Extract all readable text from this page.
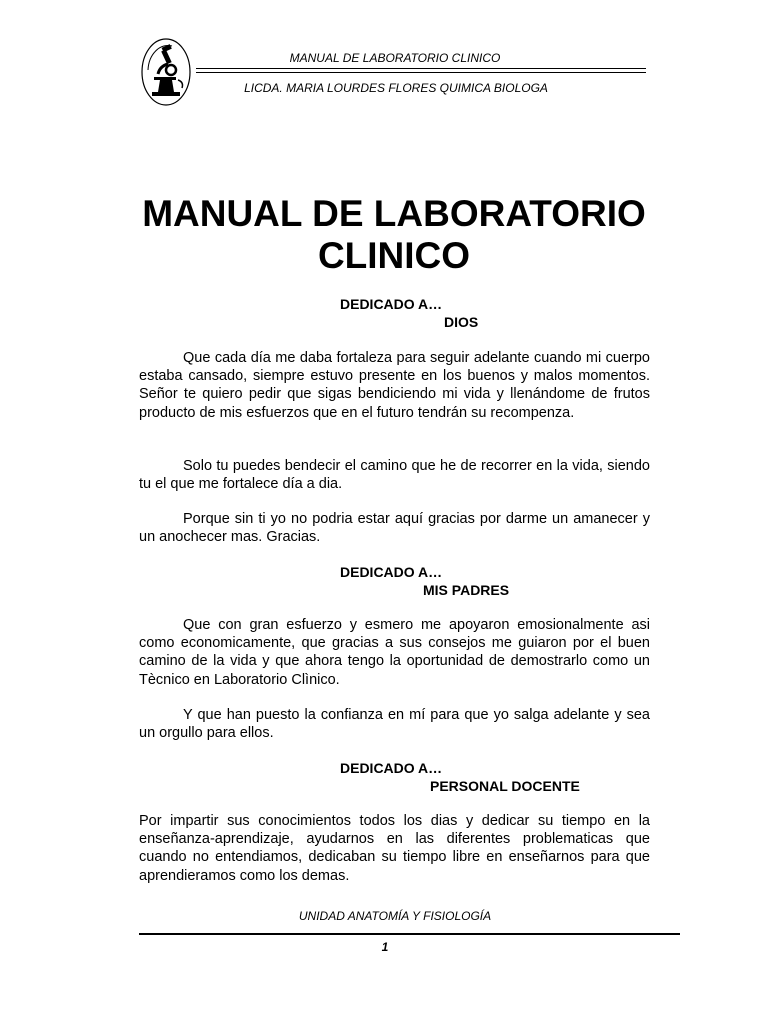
MANUAL DE LABORATORIO CLINICO
LICDA. MARIA LOURDES FLORES QUIMICA BIOLOGA
MANUAL DE LABORATORIO
CLINICO
DEDICADO A…
DIOS
Que cada día me daba fortaleza para seguir adelante cuando mi cuerpo estaba cansado, siempre estuvo presente en los buenos y malos momentos. Señor te quiero pedir que sigas bendiciendo mi vida y llenándome de frutos producto de mis esfuerzos que en el futuro tendrán su recompenza.
Solo tu puedes bendecir el camino que he de recorrer en la vida, siendo tu el que me fortalece día a dia.
Porque sin ti yo no podria estar aquí gracias por darme un amanecer y un anochecer mas. Gracias.
DEDICADO A…
MIS PADRES
Que con gran esfuerzo y esmero me apoyaron emosionalmente asi como economicamente, que gracias a sus consejos me guiaron por el buen camino de la vida y que ahora tengo la oportunidad de demostrarlo como un Tècnico en Laboratorio Clìnico.
Y que han puesto la confianza en mí para que yo salga adelante y sea un orgullo para ellos.
DEDICADO A…
PERSONAL DOCENTE
Por impartir sus conocimientos todos los dias y dedicar su tiempo en la enseñanza-aprendizaje, ayudarnos en las diferentes problematicas que cuando no entendiamos, dedicaban su tiempo libre en enseñarnos para que aprendieramos como los demas.
UNIDAD ANATOMÍA Y FISIOLOGÍA
1
